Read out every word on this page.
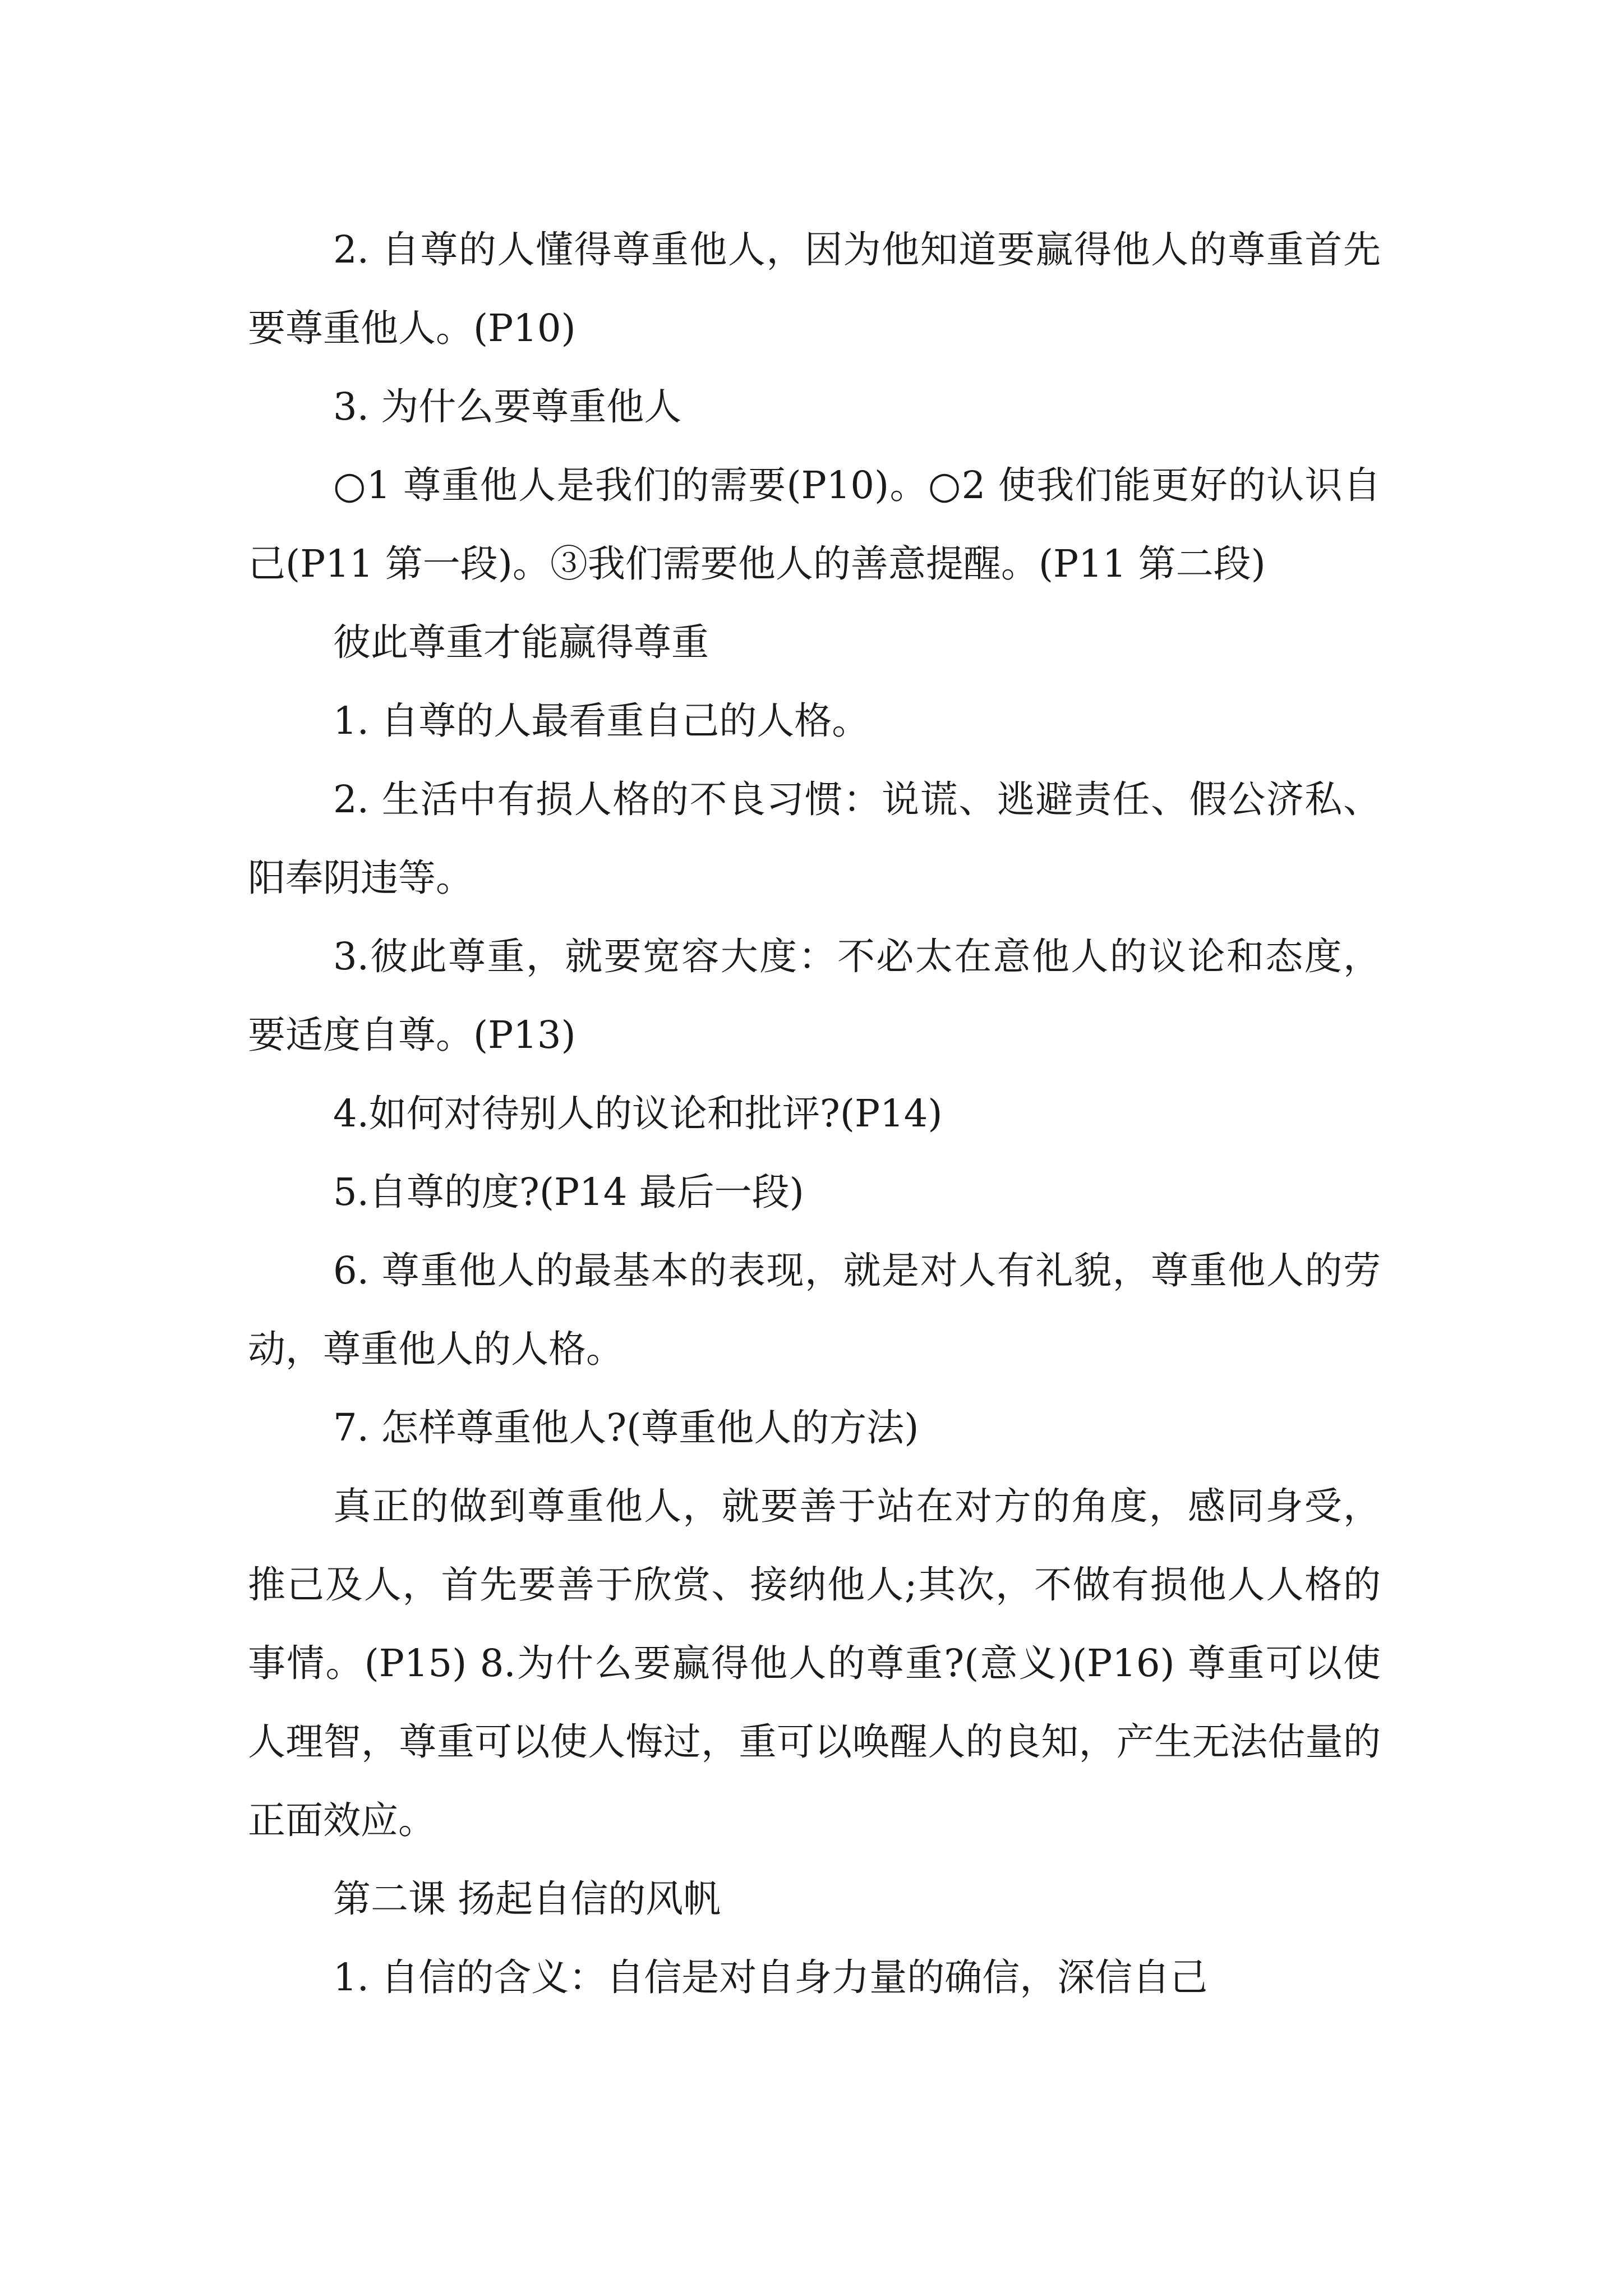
2. 自尊的人懂得尊重他人，因为他知道要赢得他人的尊重首先要尊重他人。(P10)

3. 为什么要尊重他人

○1 尊重他人是我们的需要(P10)。○2 使我们能更好的认识自己(P11 第一段)。③我们需要他人的善意提醒。(P11 第二段)

彼此尊重才能赢得尊重

1. 自尊的人最看重自己的人格。

2. 生活中有损人格的不良习惯：说谎、逃避责任、假公济私、阳奉阴违等。

3.彼此尊重，就要宽容大度：不必太在意他人的议论和态度，要适度自尊。(P13)

4.如何对待别人的议论和批评?(P14)

5.自尊的度?(P14 最后一段)

6. 尊重他人的最基本的表现，就是对人有礼貌，尊重他人的劳动，尊重他人的人格。

7. 怎样尊重他人?(尊重他人的方法)

真正的做到尊重他人，就要善于站在对方的角度，感同身受，推己及人，首先要善于欣赏、接纳他人;其次，不做有损他人人格的事情。(P15) 8.为什么要赢得他人的尊重?(意义)(P16) 尊重可以使人理智，尊重可以使人悔过，重可以唤醒人的良知，产生无法估量的正面效应。

第二课 扬起自信的风帆

1. 自信的含义：自信是对自身力量的确信，深信自己
